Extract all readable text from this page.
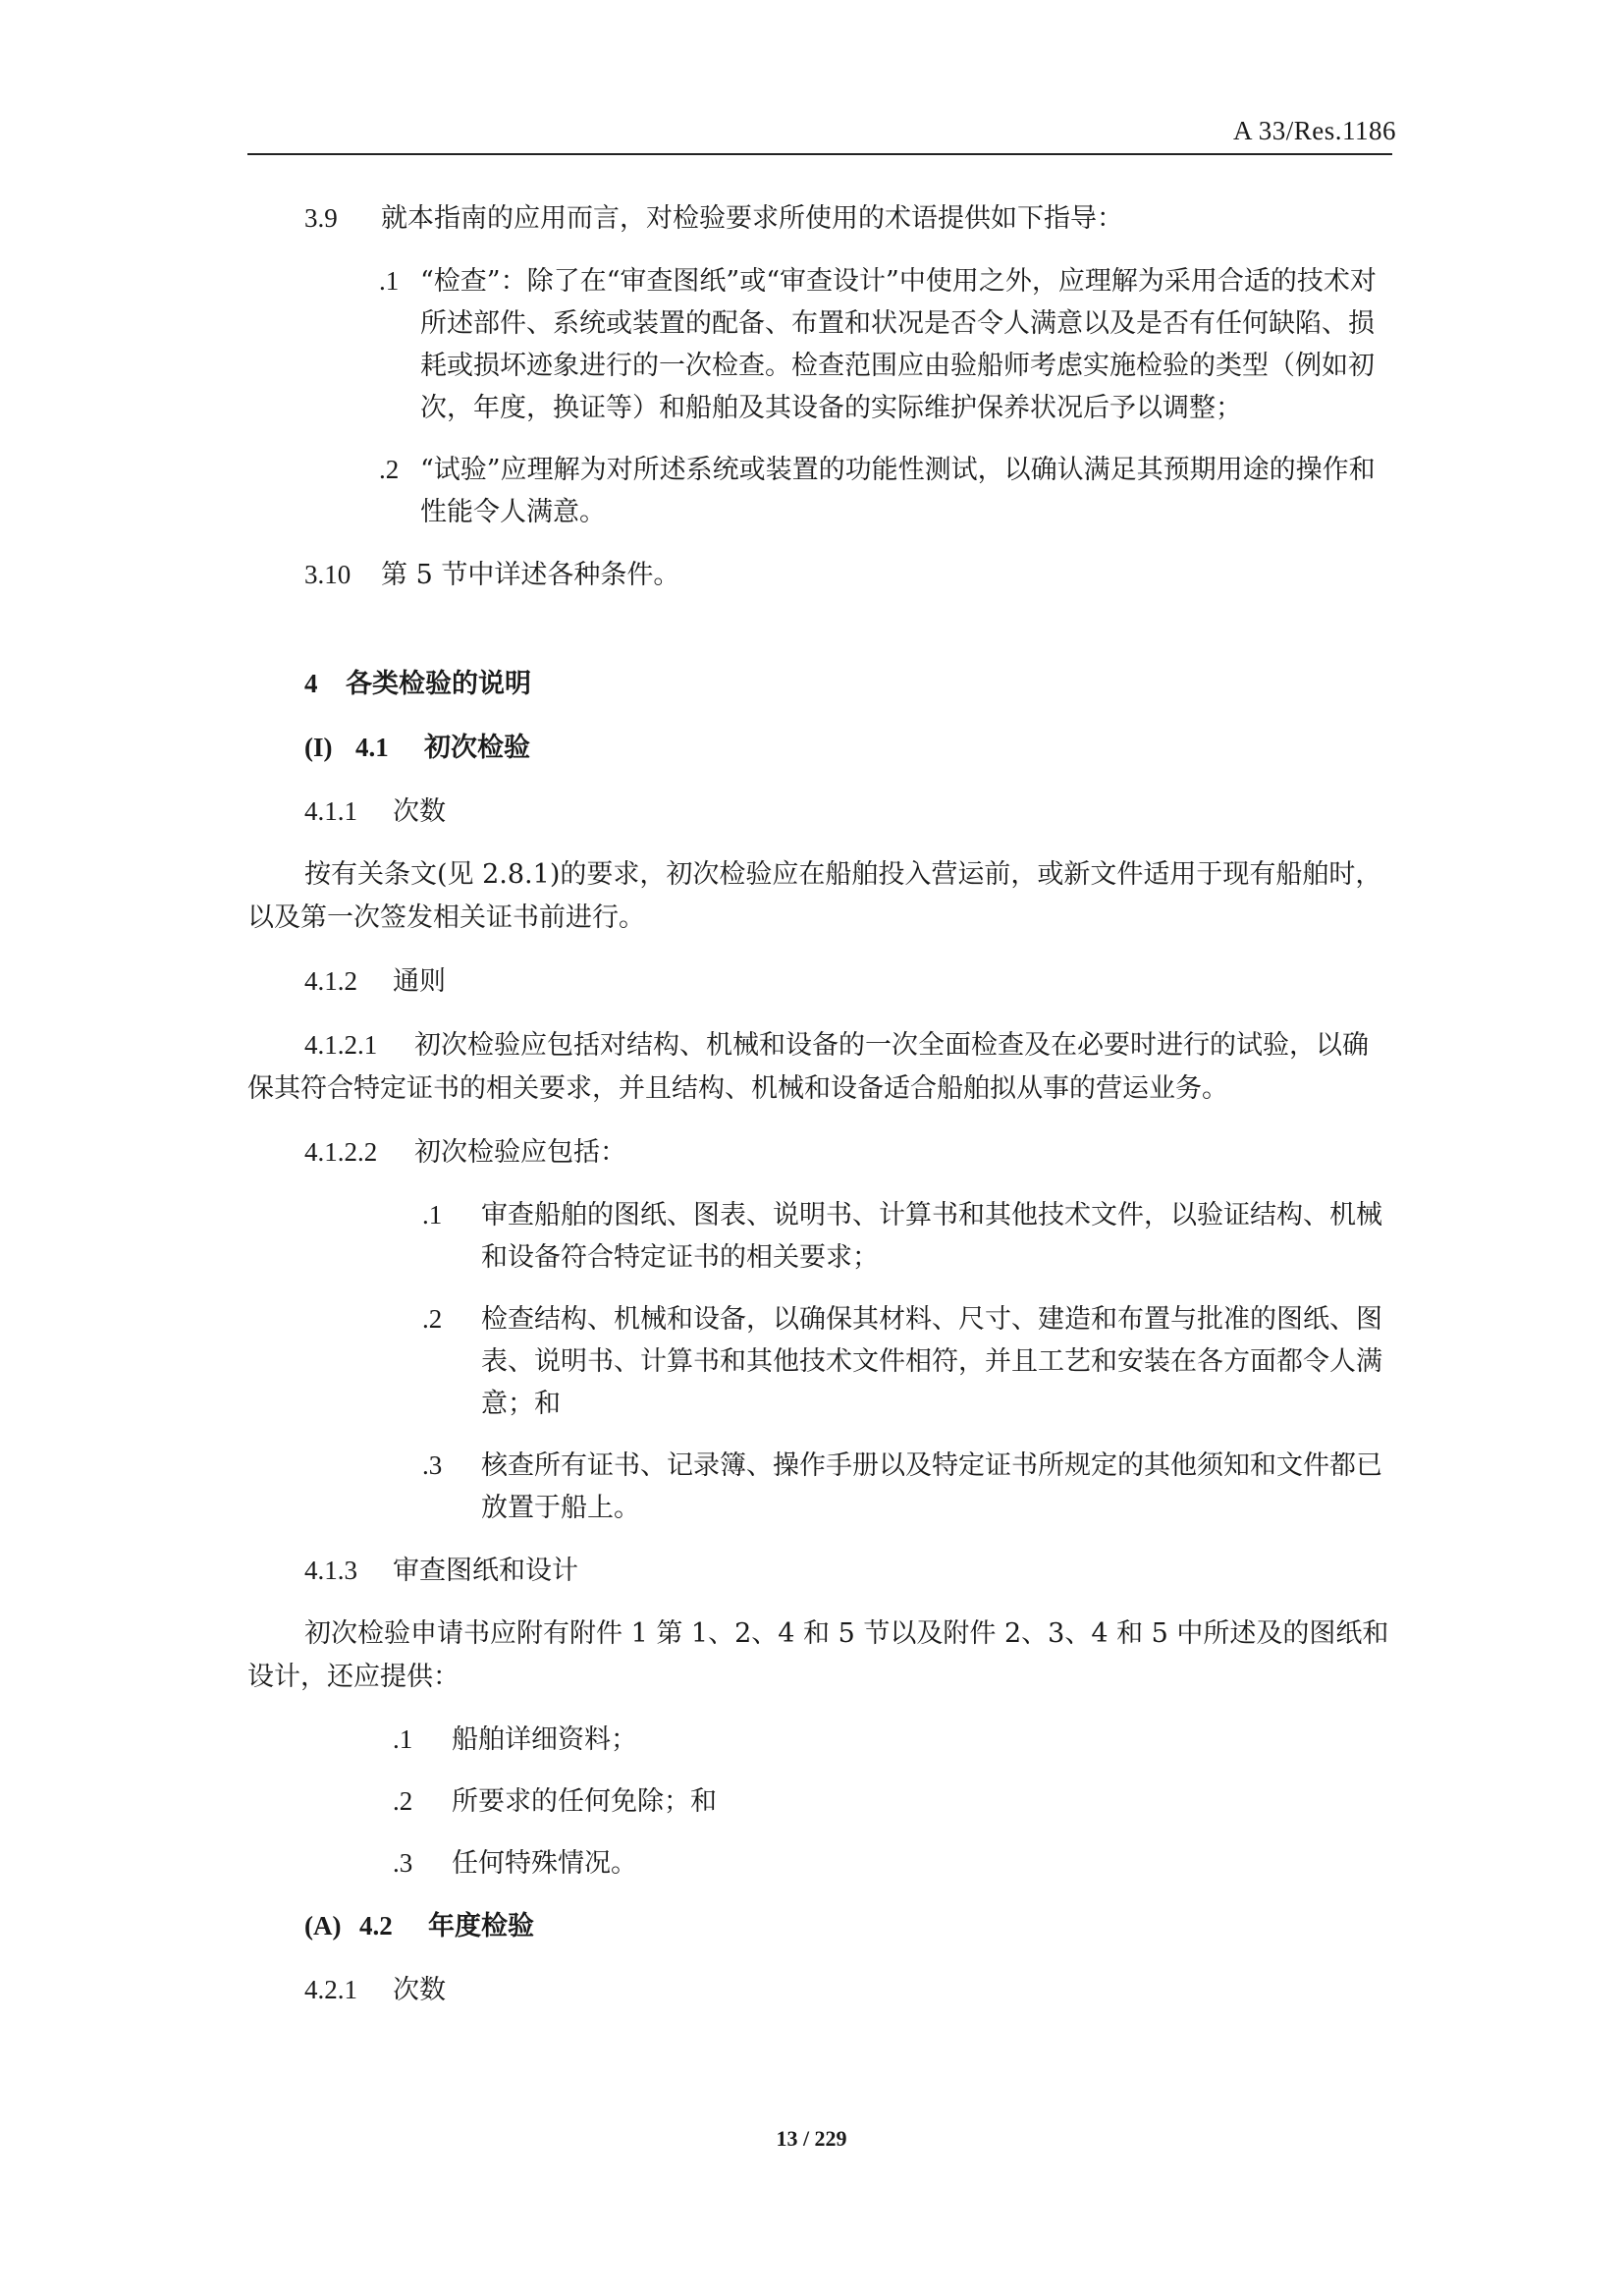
A 33/Res.1186

3.9 就本指南的应用而言，对检验要求所使用的术语提供如下指导：

.1 “检查”：除了在“审查图纸”或“审查设计”中使用之外，应理解为采用合适的技术对所述部件、系统或装置的配备、布置和状况是否令人满意以及是否有任何缺陷、损耗或损坏迹象进行的一次检查。检查范围应由验船师考虑实施检验的类型（例如初次，年度，换证等）和船舶及其设备的实际维护保养状况后予以调整；
.2 “试验”应理解为对所述系统或装置的功能性测试，以确认满足其预期用途的操作和性能令人满意。

3.10 第 5 节中详述各种条件。

4 各类检验的说明
(I) 4.1 初次检验

4.1.1 次数

按有关条文(见 2.8.1)的要求，初次检验应在船舶投入营运前，或新文件适用于现有船舶时，以及第一次签发相关证书前进行。

4.1.2 通则

4.1.2.1 初次检验应包括对结构、机械和设备的一次全面检查及在必要时进行的试验，以确保其符合特定证书的相关要求，并且结构、机械和设备适合船舶拟从事的营运业务。

4.1.2.2 初次检验应包括：

.1	审查船舶的图纸、图表、说明书、计算书和其他技术文件，以验证结构、机械和设备符合特定证书的相关要求；
.2	检查结构、机械和设备，以确保其材料、尺寸、建造和布置与批准的图纸、图表、说明书、计算书和其他技术文件相符，并且工艺和安装在各方面都令人满意；和
.3	核查所有证书、记录簿、操作手册以及特定证书所规定的其他须知和文件都已放置于船上。

4.1.3 审查图纸和设计

初次检验申请书应附有附件 1 第 1、2、4 和 5 节以及附件 2、3、4 和 5 中所述及的图纸和设计，还应提供：

.1	船舶详细资料；
.2	所要求的任何免除；和
.3	任何特殊情况。
(A) 4.2 年度检验

4.2.1 次数

13 / 229
